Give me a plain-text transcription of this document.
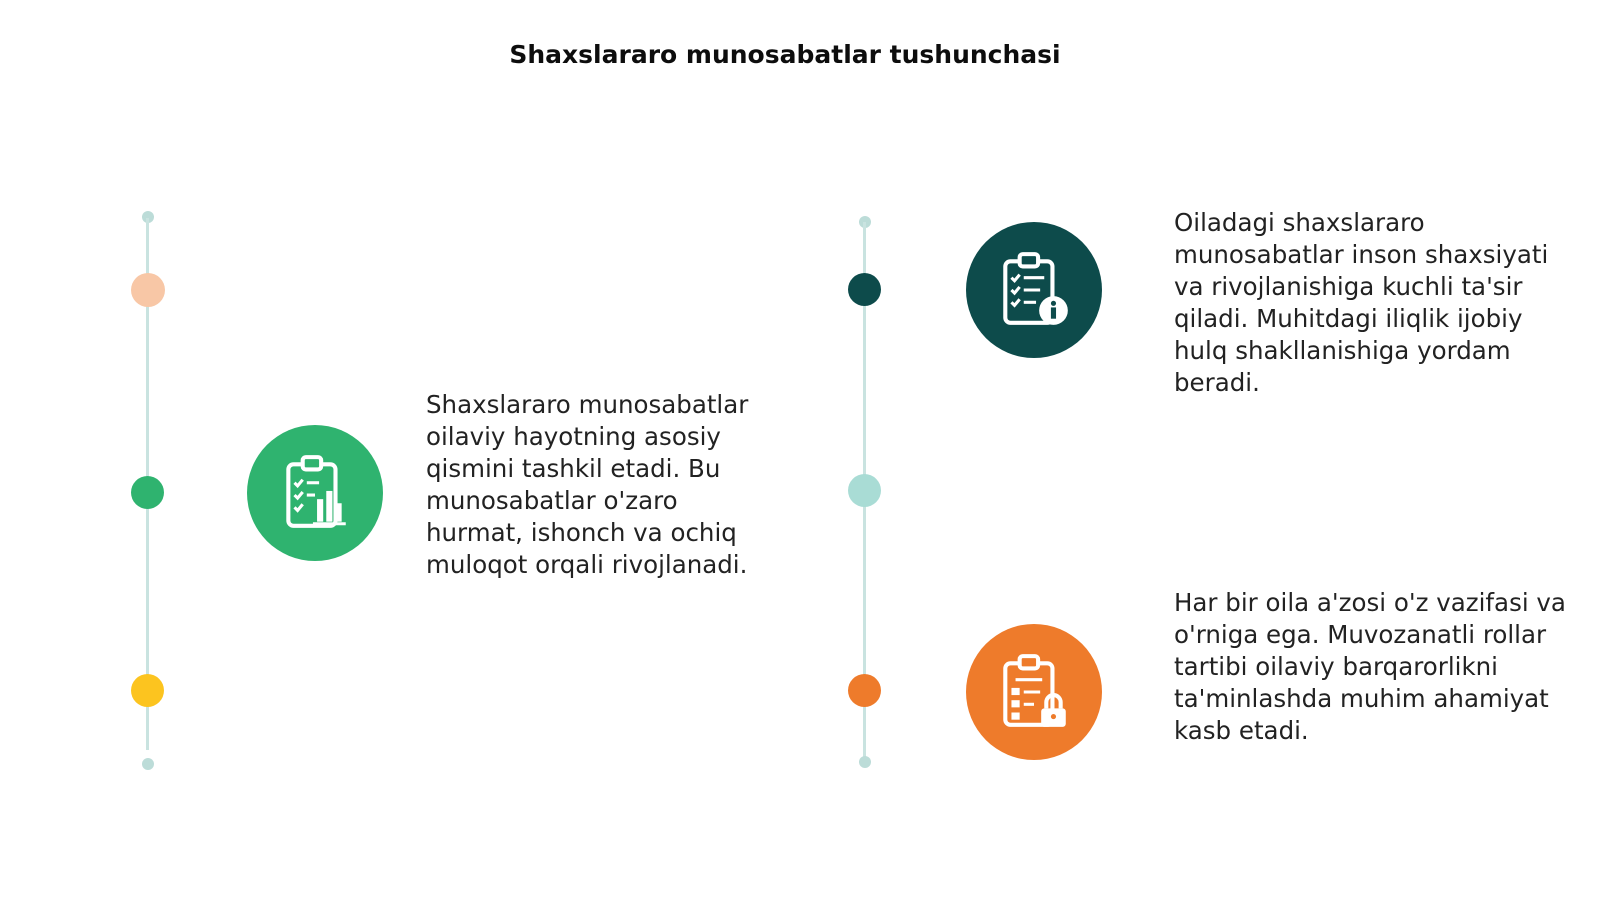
Shaxslararo munosabatlar tushunchasi
Shaxslararo munosabatlar oilaviy hayotning asosiy qismini tashkil etadi. Bu munosabatlar o'zaro hurmat, ishonch va ochiq muloqot orqali rivojlanadi.
Oiladagi shaxslararo munosabatlar inson shaxsiyati va rivojlanishiga kuchli ta'sir qiladi. Muhitdagi iliqlik ijobiy hulq shakllanishiga yordam beradi.
Har bir oila a'zosi o'z vazifasi va o'rniga ega. Muvozanatli rollar tartibi oilaviy barqarorlikni ta'minlashda muhim ahamiyat kasb etadi.
